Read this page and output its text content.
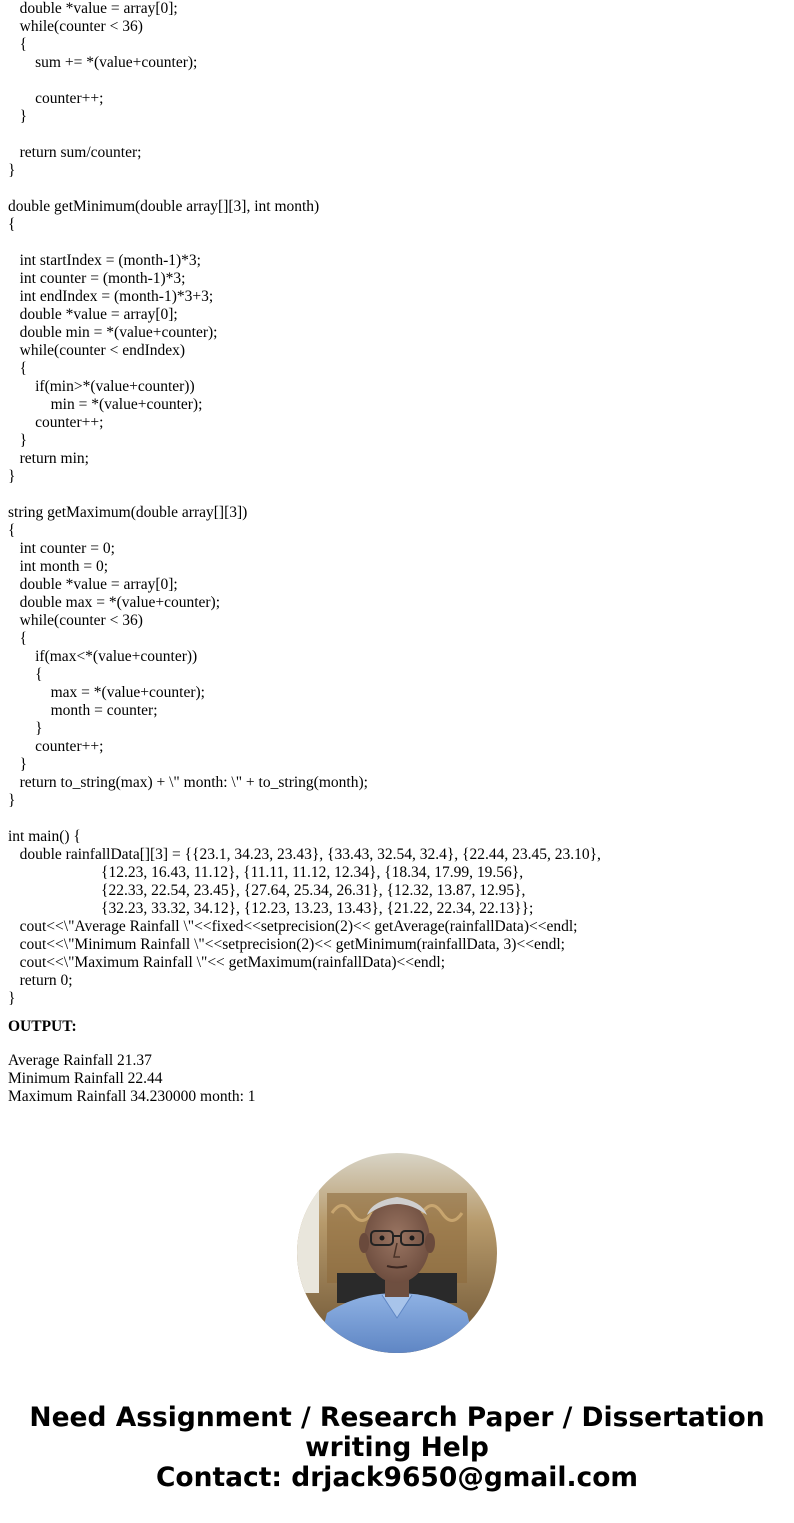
double *value = array[0];
while(counter < 36)
{
sum += *(value+counter);
counter++;
}
return sum/counter;
}
double getMinimum(double array[][3], int month)
{
int startIndex = (month-1)*3;
int counter = (month-1)*3;
int endIndex = (month-1)*3+3;
double *value = array[0];
double min = *(value+counter);
while(counter < endIndex)
{
if(min>*(value+counter))
min = *(value+counter);
counter++;
}
return min;
}
string getMaximum(double array[][3])
{
int counter = 0;
int month = 0;
double *value = array[0];
double max = *(value+counter);
while(counter < 36)
{
if(max<*(value+counter))
{
max = *(value+counter);
month = counter;
}
counter++;
}
return to_string(max) + \" month: \" + to_string(month);
}
int main() {
double rainfallData[][3] = {{23.1, 34.23, 23.43}, {33.43, 32.54, 32.4}, {22.44, 23.45, 23.10},
{12.23, 16.43, 11.12}, {11.11, 11.12, 12.34}, {18.34, 17.99, 19.56},
{22.33, 22.54, 23.45}, {27.64, 25.34, 26.31}, {12.32, 13.87, 12.95},
{32.23, 33.32, 34.12}, {12.23, 13.23, 13.43}, {21.22, 22.34, 22.13}};
cout<<\"Average Rainfall \"<<fixed<<setprecision(2)<< getAverage(rainfallData)<<endl;
cout<<\"Minimum Rainfall \"<<setprecision(2)<< getMinimum(rainfallData, 3)<<endl;
cout<<\"Maximum Rainfall \"<< getMaximum(rainfallData)<<endl;
return 0;
}

OUTPUT:

Average Rainfall 21.37
Minimum Rainfall 22.44
Maximum Rainfall 34.230000 month: 1
Need Assignment / Research Paper / Dissertation
writing Help
Contact: drjack9650@gmail.com
